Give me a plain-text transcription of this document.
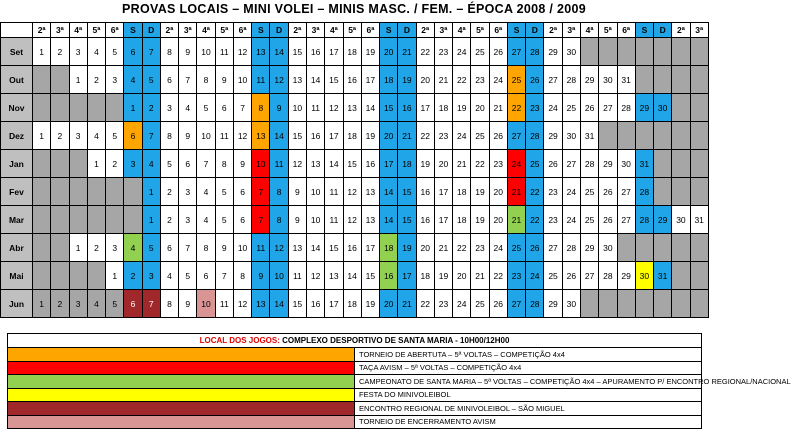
PROVAS LOCAIS – MINI VOLEI – MINIS MASC. / FEM. – ÉPOCA 2008 / 2009
	2ª	3ª	4ª	5ª	6ª	S	D	2ª	3ª	4ª	5ª	6ª	S	D	2ª	3ª	4ª	5ª	6ª	S	D	2ª	3ª	4ª	5ª	6ª	S	D	2ª	3ª	4ª	5ª	6ª	S	D	2ª	3ª
Set	1	2	3	4	5	6	7	8	9	10	11	12	13	14	15	16	17	18	19	20	21	22	23	24	25	26	27	28	29	30							
Out			1	2	3	4	5	6	7	8	9	10	11	12	13	14	15	16	17	18	19	20	21	22	23	24	25	26	27	28	29	30	31				
Nov						1	2	3	4	5	6	7	8	9	10	11	12	13	14	15	16	17	18	19	20	21	22	23	24	25	26	27	28	29	30		
Dez	1	2	3	4	5	6	7	8	9	10	11	12	13	14	15	16	17	18	19	20	21	22	23	24	25	26	27	28	29	30	31						
Jan				1	2	3	4	5	6	7	8	9	10	11	12	13	14	15	16	17	18	19	20	21	22	23	24	25	26	27	28	29	30	31			
Fev							1	2	3	4	5	6	7	8	9	10	11	12	13	14	15	16	17	18	19	20	21	22	23	24	25	26	27	28			
Mar							1	2	3	4	5	6	7	8	9	10	11	12	13	14	15	16	17	18	19	20	21	22	23	24	25	26	27	28	29	30	31
Abr			1	2	3	4	5	6	7	8	9	10	11	12	13	14	15	16	17	18	19	20	21	22	23	24	25	26	27	28	29	30					
Mai					1	2	3	4	5	6	7	8	9	10	11	12	13	14	15	16	17	18	19	20	21	22	23	24	25	26	27	28	29	30	31		
Jun	1	2	3	4	5	6	7	8	9	10	11	12	13	14	15	16	17	18	19	20	21	22	23	24	25	26	27	28	29	30							
LOCAL DOS JOGOS: COMPLEXO DESPORTIVO DE SANTA MARIA - 10H00/12H00	
	TORNEIO DE ABERTUTA – 5ª VOLTAS – COMPETIÇÃO 4x4
	TAÇA AVISM – 5ª VOLTAS – COMPETIÇÃO 4x4
	CAMPEONATO DE SANTA MARIA – 5ª VOLTAS – COMPETIÇÃO 4x4 – APURAMENTO P/ ENCONTRO REGIONAL/NACIONAL
	FESTA DO MINIVOLEIBOL
	ENCONTRO REGIONAL DE MINIVOLEIBOL – SÃO MIGUEL
	TORNEIO DE ENCERRAMENTO AVISM
